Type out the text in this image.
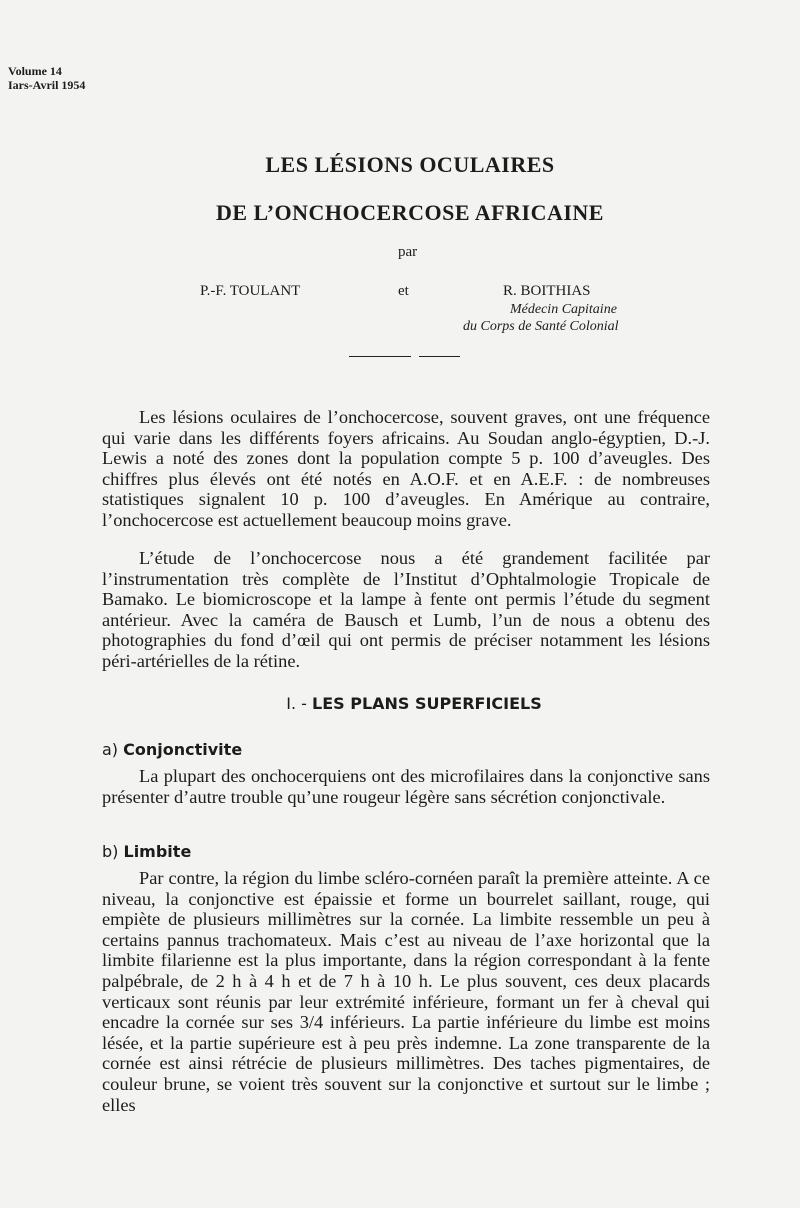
Volume 14
Iars-Avril 1954
LES LÉSIONS OCULAIRES
DE L’ONCHOCERCOSE AFRICAINE
par
P.-F. TOULANT	et	R. BOITHIAS
Médecin Capitaine
du Corps de Santé Colonial

Les lésions oculaires de l’onchocercose, souvent graves, ont une fréquence qui varie dans les différents foyers africains. Au Soudan anglo-égyptien, D.-J. Lewis a noté des zones dont la population compte 5 p. 100 d’aveugles. Des chiffres plus élevés ont été notés en A.O.F. et en A.E.F. : de nombreuses statistiques signalent 10 p. 100 d’aveugles. En Amérique au contraire, l’onchocercose est actuellement beaucoup moins grave.

L’étude de l’onchocercose nous a été grandement facilitée par l’instrumentation très complète de l’Institut d’Ophtalmologie Tropicale de Bamako. Le biomicroscope et la lampe à fente ont permis l’étude du segment antérieur. Avec la caméra de Bausch et Lumb, l’un de nous a obtenu des photographies du fond d’œil qui ont permis de préciser notamment les lésions péri-artérielles de la rétine.

I. - LES PLANS SUPERFICIELS
a) Conjonctivite

La plupart des onchocerquiens ont des microfilaires dans la conjonctive sans présenter d’autre trouble qu’une rougeur légère sans sécrétion conjonctivale.

b) Limbite

Par contre, la région du limbe scléro-cornéen paraît la première atteinte. A ce niveau, la conjonctive est épaissie et forme un bourrelet saillant, rouge, qui empiète de plusieurs millimètres sur la cornée. La limbite ressemble un peu à certains pannus trachomateux. Mais c’est au niveau de l’axe horizontal que la limbite filarienne est la plus importante, dans la région correspondant à la fente palpébrale, de 2 h à 4 h et de 7 h à 10 h. Le plus souvent, ces deux placards verticaux sont réunis par leur extrémité inférieure, formant un fer à cheval qui encadre la cornée sur ses 3/4 inférieurs. La partie inférieure du limbe est moins lésée, et la partie supérieure est à peu près indemne. La zone transparente de la cornée est ainsi rétrécie de plusieurs millimètres. Des taches pigmentaires, de couleur brune, se voient très souvent sur la conjonctive et surtout sur le limbe ; elles
